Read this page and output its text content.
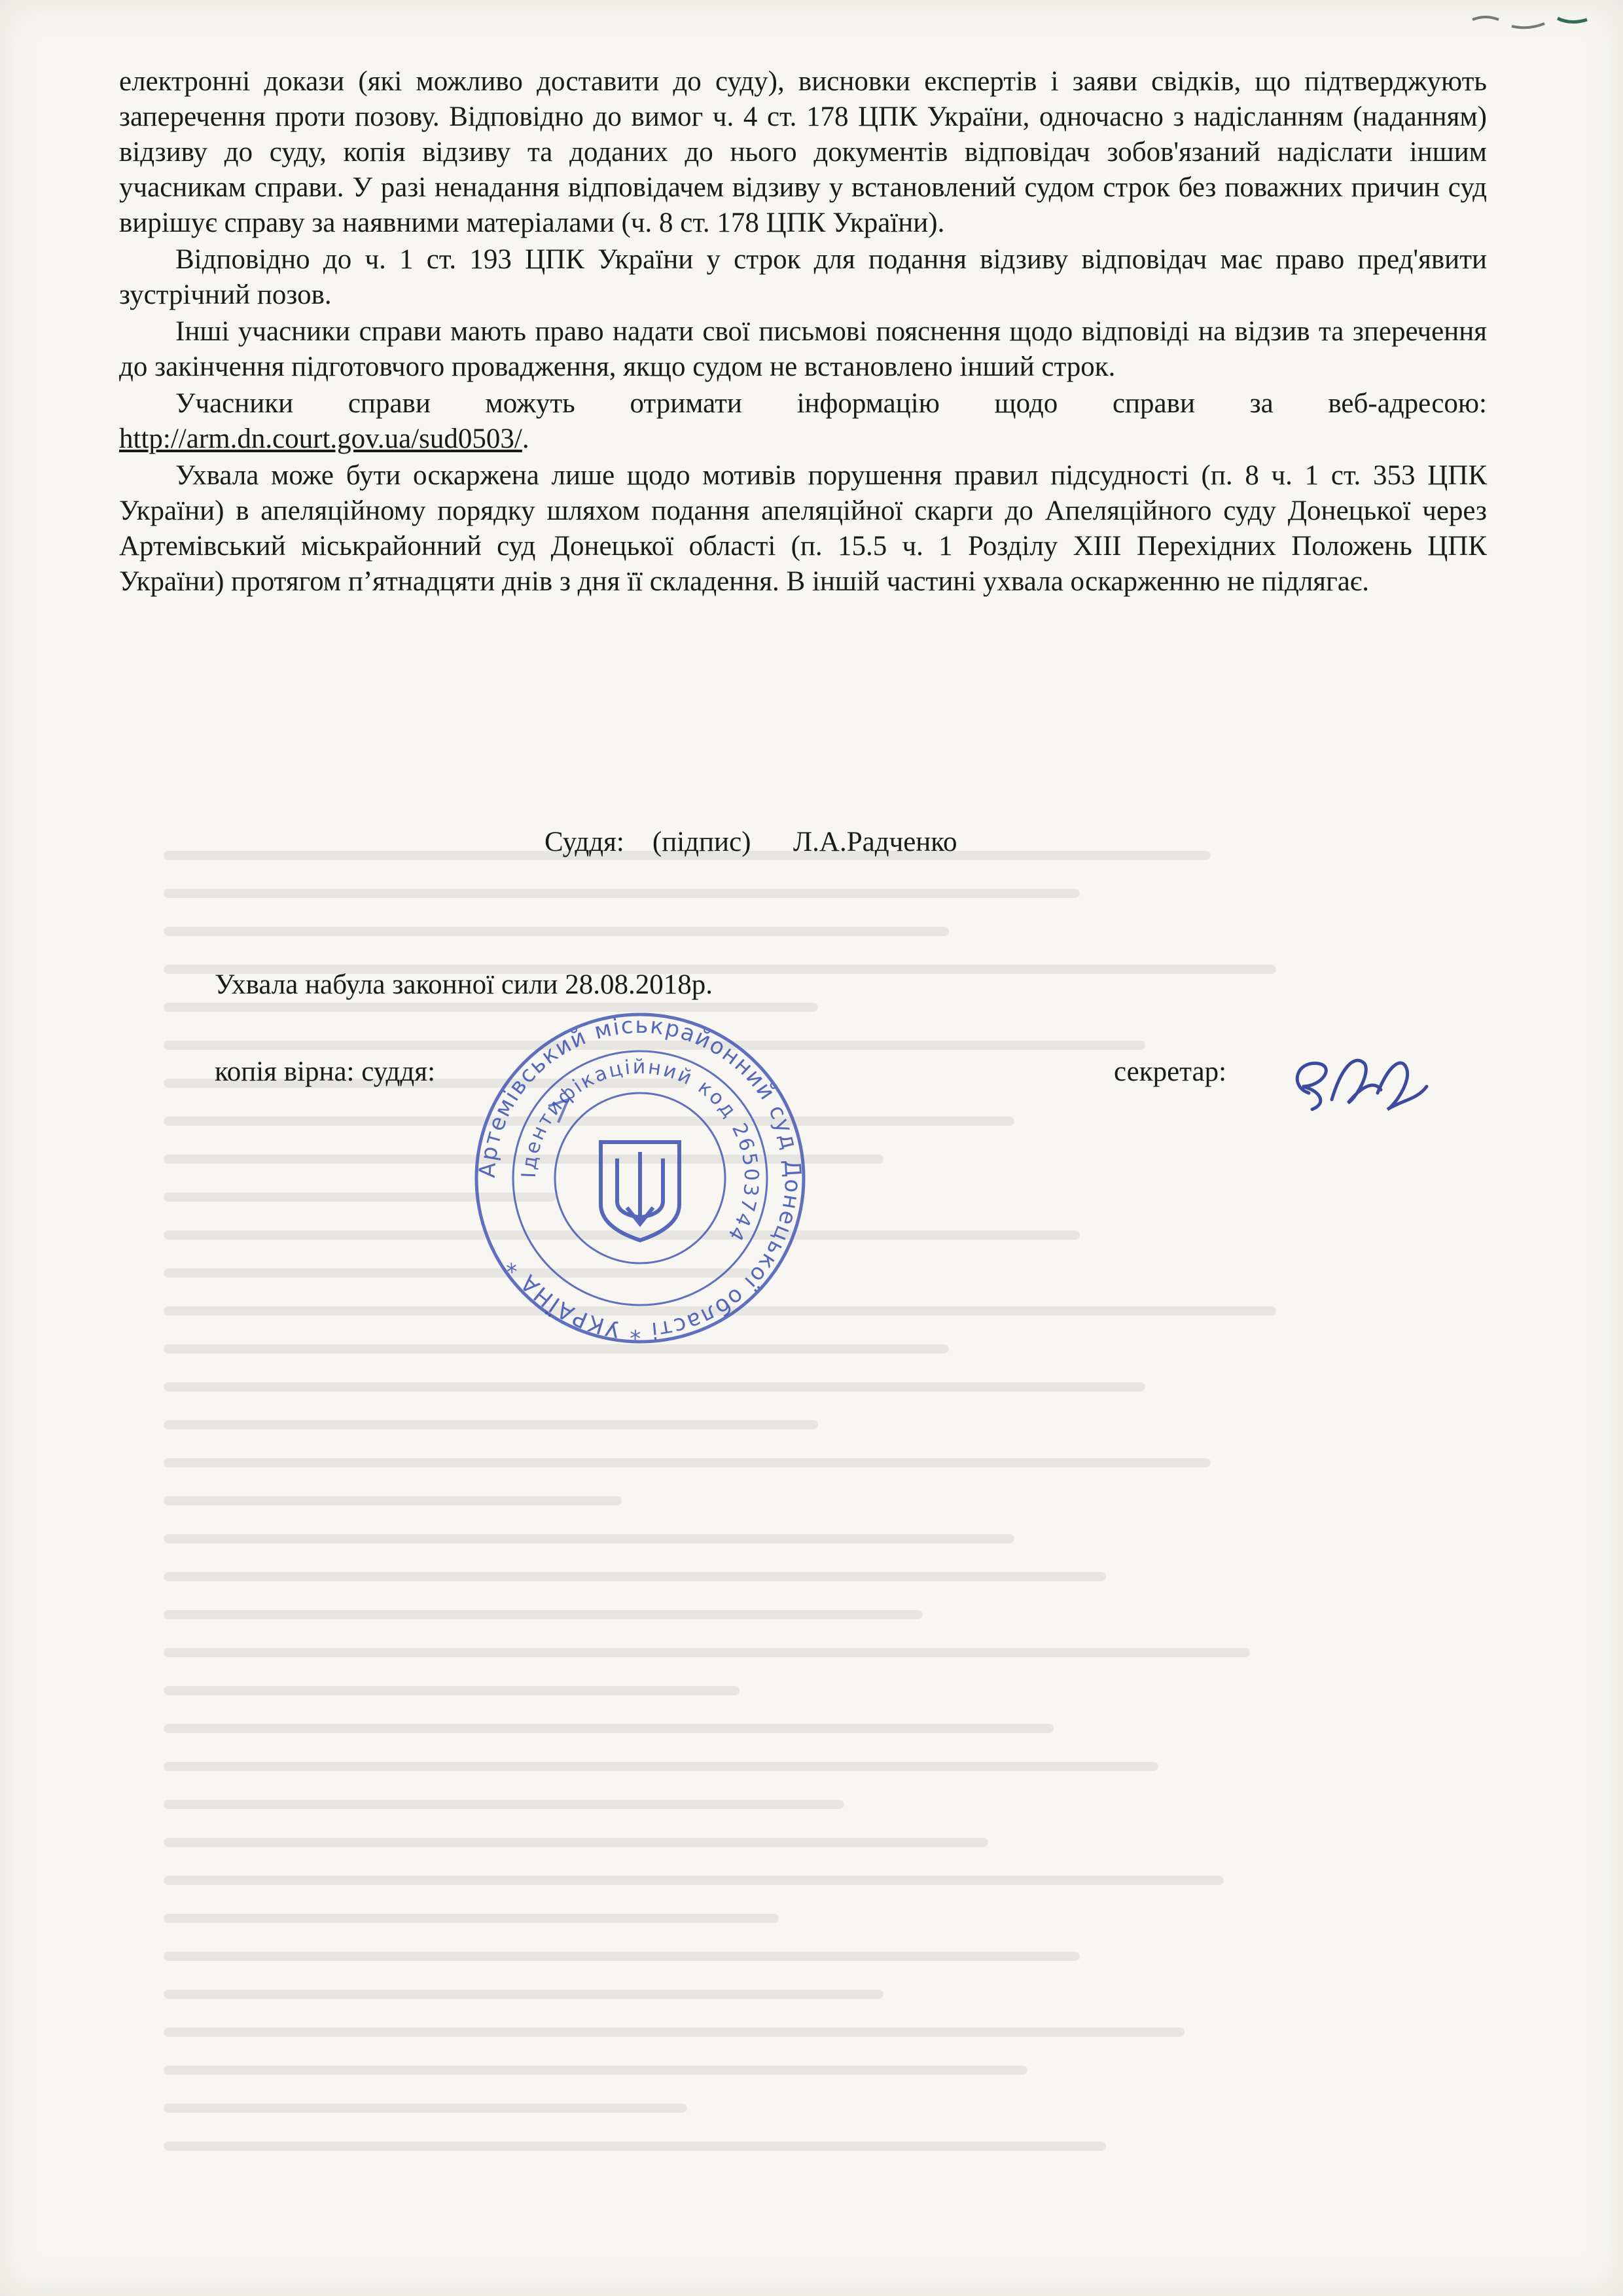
електронні докази (які можливо доставити до суду), висновки експертів і заяви свідків, що підтверджують заперечення проти позову. Відповідно до вимог ч. 4 ст. 178 ЦПК України, одночасно з надісланням (наданням) відзиву до суду, копія відзиву та доданих до нього документів відповідач зобов'язаний надіслати іншим учасникам справи. У разі ненадання відповідачем відзиву у встановлений судом строк без поважних причин суд вирішує справу за наявними матеріалами (ч. 8 ст. 178 ЦПК України).

Відповідно до ч. 1 ст. 193 ЦПК України у строк для подання відзиву відповідач має право пред'явити зустрічний позов.

Інші учасники справи мають право надати свої письмові пояснення щодо відповіді на відзив та зперечення до закінчення підготовчого провадження, якщо судом не встановлено інший строк.

Учасники справи можуть отримати інформацію щодо справи за веб-адресою: http://arm.dn.court.gov.ua/sud0503/.

Ухвала може бути оскаржена лише щодо мотивів порушення правил підсудності (п. 8 ч. 1 ст. 353 ЦПК України) в апеляційному порядку шляхом подання апеляційної скарги до Апеляційного суду Донецької через Артемівський міськрайонний суд Донецької області (п. 15.5 ч. 1 Розділу XIII Перехідних Положень ЦПК України) протягом п’ятнадцяти днів з дня її складення. В іншій частині ухвала оскарженню не підлягає.

Суддя: (підпис) Л.А.Радченко
Ухвала набула законної сили 28.08.2018р.
копія вірна: суддя:	секретар:
Артемівський міськрайонний суд Донецької області * УКРАЇНА *
Ідентифікаційний код 26503744
